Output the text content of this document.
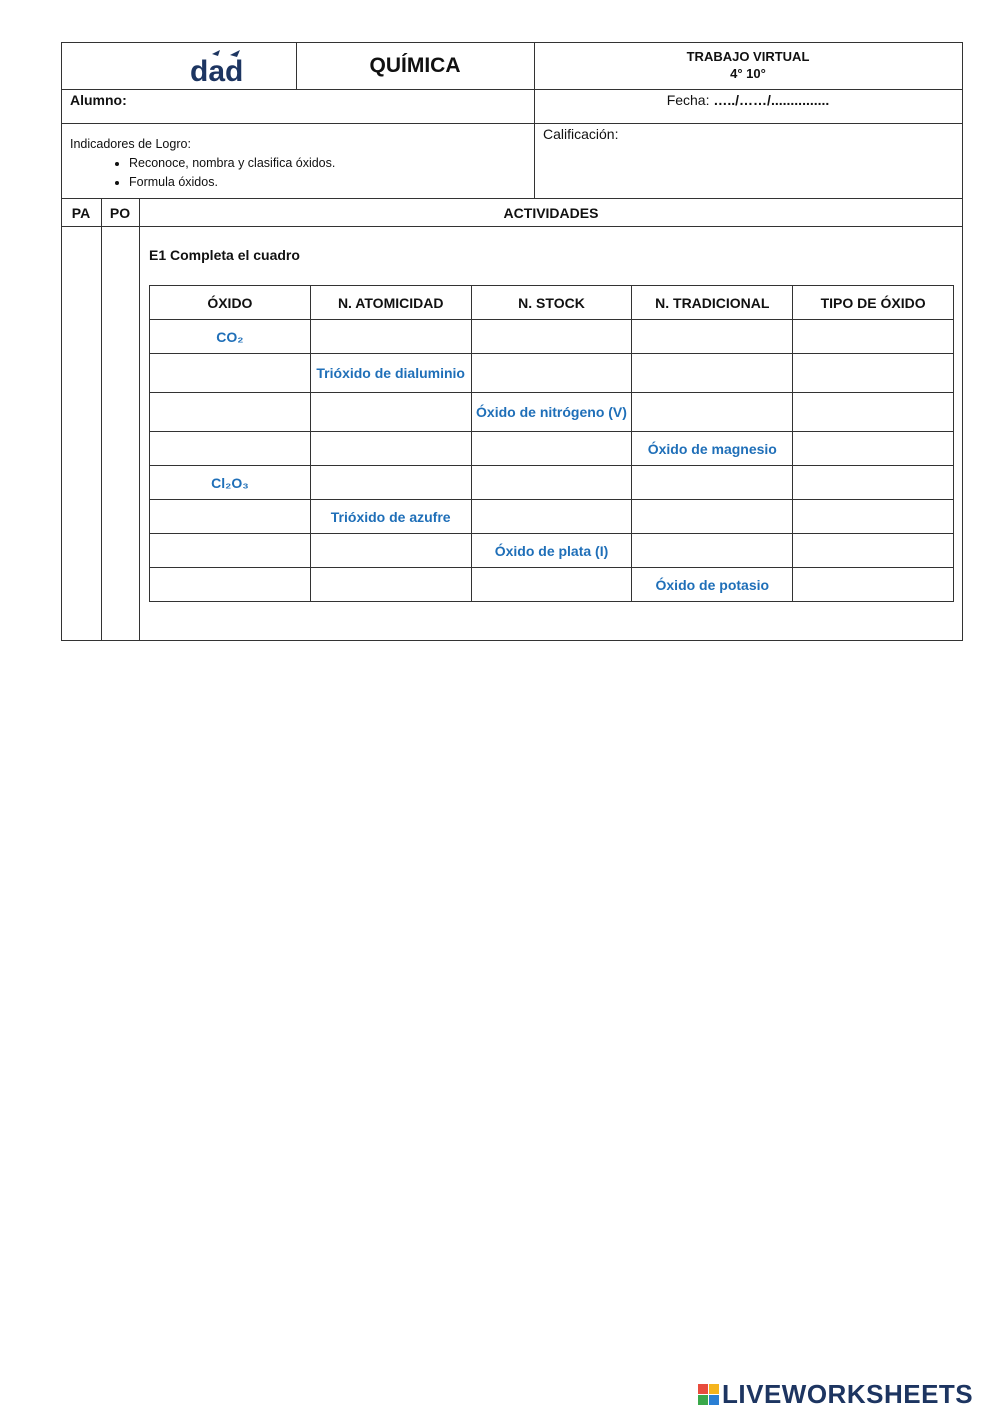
dad	QUÍMICA	TRABAJO VIRTUAL
4° 10°
Alumno:	Fecha: …../……/...............
Indicadores de Logro:
• Reconoce, nombra y clasifica óxidos.
• Formula óxidos.
Calificación:
PA	PO	ACTIVIDADES
E1 Completa el cuadro
ÓXIDO	N. ATOMICIDAD	N. STOCK	N. TRADICIONAL	TIPO DE ÓXIDO
CO₂				
	Trióxido de dialuminio			
		Óxido de nitrógeno (V)		
			Óxido de magnesio	
Cl₂O₃				
	Trióxido de azufre			
		Óxido de plata (I)		
			Óxido de potasio	
LIVEWORKSHEETS
